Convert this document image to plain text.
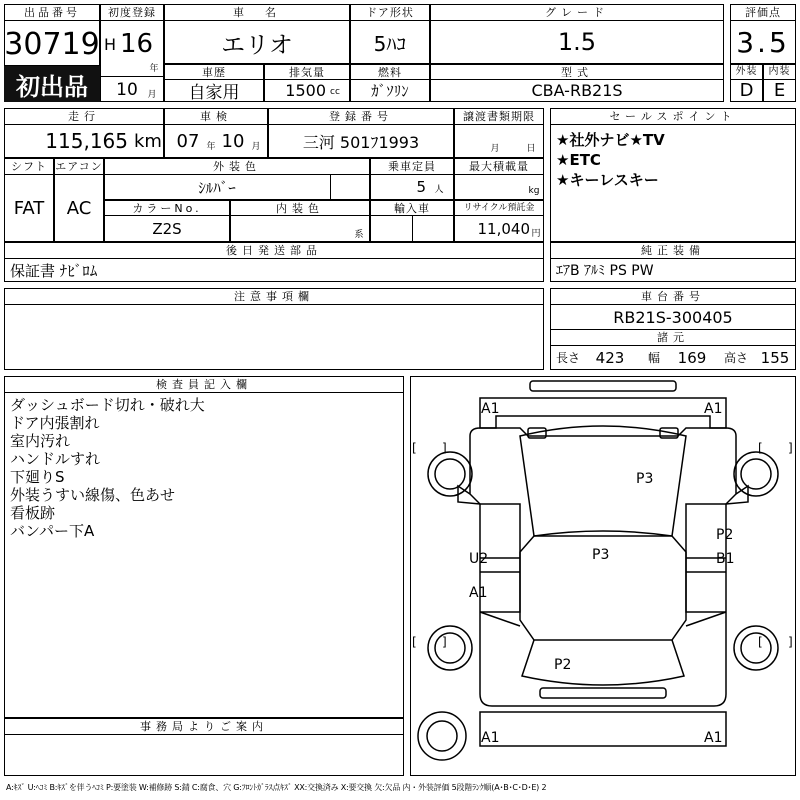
出品番号
30719
初出品
初度登録
H 16
年
10	月
車　名
エリオ
ドア形状
5ﾊｺ
グレード
1.5
評価点
3.5
車歴
自家用
排気量
1500 cc
燃料
ｶﾞｿﾘﾝ
型式
CBA-RB21S
外装	内装
D	E
走行
115,165 km
車検
07 年 10 月
登録番号
三河 501ﾌ1993
譲渡書類期限
月	日
シフト エアコン
FAT	AC
外装色
ｼﾙﾊﾞｰ
乗車定員
5 人
最大積載量
kg
カラーNo.
Z2S
内装色
系
輸入車	リサイクル預託金
11,040 円
セールスポイント
★社外ナビ★TV
★ETC
★キーレスキー
後日発送部品
保証書 ﾅﾋﾞﾛﾑ
純正装備
ｴｱB ｱﾙﾐ PS PW
注意事項欄	車台番号
RB21S-300405
諸元
長さ	423	幅	169	高さ 155
検査員記入欄
ダッシュボード切れ・破れ大
ドア内張割れ
室内汚れ
ハンドルすれ
下廻りS
外装うすい線傷、色あせ
看板跡
バンパー下A
事務局よりご案内
A1	A1
P3
P2
B1
U2	P3
A1
P2
A1	A1
[ ]	[ ]
[ ]	[ ]
A:ｷｽﾞ U:ﾍｺﾐ B:ｷｽﾞを伴うﾍｺﾐ P:要塗装 W:補修跡 S:錆 C:腐食、穴 G:ﾌﾛﾝﾄｶﾞﾗｽ点ｷｽﾞ XX:交換済み X:要交換 欠:欠品 内・外装評価 5段階ﾗﾝｸ順(A･B･C･D･E) 2
